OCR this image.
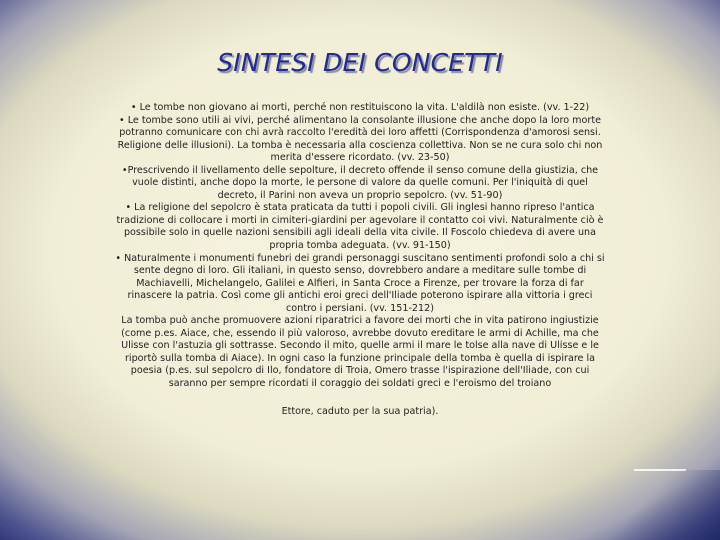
SINTESI DEI CONCETTI

• Le tombe non giovano ai morti, perché non restituiscono la vita. L'aldilà non esiste. (vv. 1-22)

• Le tombe sono utili ai vivi, perché alimentano la consolante illusione che anche dopo la loro morte potranno comunicare con chi avrà raccolto l'eredità dei loro affetti (Corrispondenza d'amorosi sensi. Religione delle illusioni). La tomba è necessaria alla coscienza collettiva. Non se ne cura solo chi non merita d'essere ricordato. (vv. 23-50)

•Prescrivendo il livellamento delle sepolture, il decreto offende il senso comune della giustizia, che vuole distinti, anche dopo la morte, le persone di valore da quelle comuni. Per l'iniquità di quel decreto, il Parini non aveva un proprio sepolcro. (vv. 51-90)

• La religione del sepolcro è stata praticata da tutti i popoli civili. Gli inglesi hanno ripreso l'antica tradizione di collocare i morti in cimiteri-giardini per agevolare il contatto coi vivi. Naturalmente ciò è possibile solo in quelle nazioni sensibili agli ideali della vita civile. Il Foscolo chiedeva di avere una propria tomba adeguata. (vv. 91-150)

• Naturalmente i monumenti funebri dei grandi personaggi suscitano sentimenti profondi solo a chi si sente degno di loro. Gli italiani, in questo senso, dovrebbero andare a meditare sulle tombe di Machiavelli, Michelangelo, Galilei e Alfieri, in Santa Croce a Firenze, per trovare la forza di far rinascere la patria. Così come gli antichi eroi greci dell'Iliade poterono ispirare alla vittoria i greci contro i persiani. (vv. 151-212)

La tomba può anche promuovere azioni riparatrici a favore dei morti che in vita patirono ingiustizie (come p.es. Aiace, che, essendo il più valoroso, avrebbe dovuto ereditare le armi di Achille, ma che Ulisse con l'astuzia gli sottrasse. Secondo il mito, quelle armi il mare le tolse alla nave di Ulisse e le riportò sulla tomba di Aiace). In ogni caso la funzione principale della tomba è quella di ispirare la poesia (p.es. sul sepolcro di Ilo, fondatore di Troia, Omero trasse l'ispirazione dell'Iliade, con cui saranno per sempre ricordati il coraggio dei soldati greci e l'eroismo del troiano

Ettore, caduto per la sua patria).
